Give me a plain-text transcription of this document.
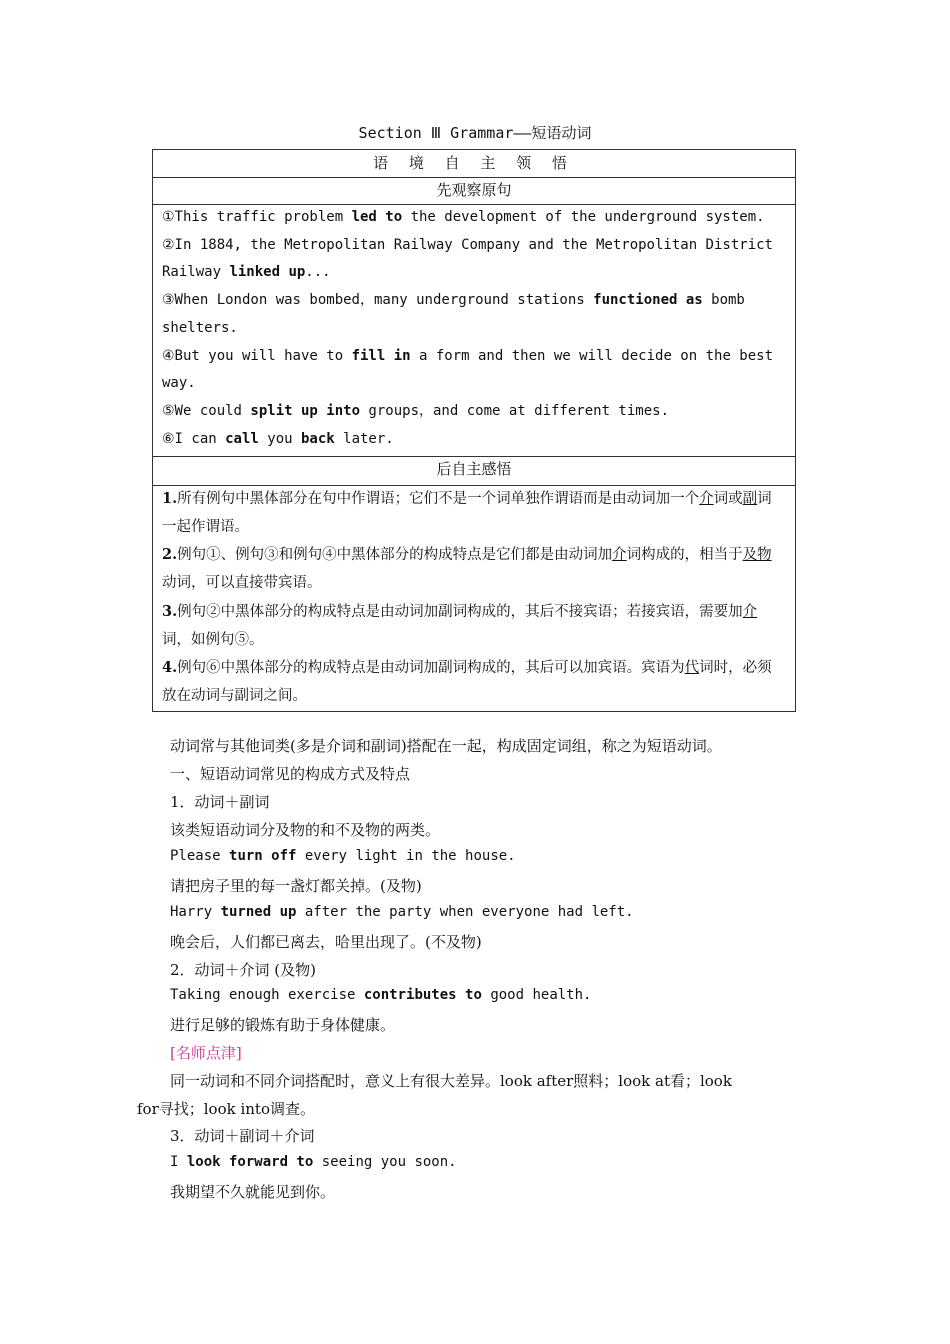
Section Ⅲ Grammar——短语动词
语 境 自 主 领 悟
先观察原句
①This traffic problem led to the development of the underground system.
②In 1884, the Metropolitan Railway Company and the Metropolitan District Railway linked up...
③When London was bombed，many underground stations functioned as bomb shelters.
④But you will have to fill in a form and then we will decide on the best way.
⑤We could split up into groups，and come at different times.
⑥I can call you back later.
后自主感悟
1.所有例句中黑体部分在句中作谓语；它们不是一个词单独作谓语而是由动词加一个介词或副词一起作谓语。
2.例句①、例句③和例句④中黑体部分的构成特点是它们都是由动词加介词构成的，相当于及物动词，可以直接带宾语。
3.例句②中黑体部分的构成特点是由动词加副词构成的，其后不接宾语；若接宾语，需要加介词，如例句⑤。
4.例句⑥中黑体部分的构成特点是由动词加副词构成的，其后可以加宾语。宾语为代词时，必须放在动词与副词之间。
动词常与其他词类(多是介词和副词)搭配在一起，构成固定词组，称之为短语动词。
一、短语动词常见的构成方式及特点
1．动词＋副词
该类短语动词分及物的和不及物的两类。
Please turn off every light in the house.
请把房子里的每一盏灯都关掉。(及物)
Harry turned up after the party when everyone had left.
晚会后，人们都已离去，哈里出现了。(不及物)
2．动词＋介词 (及物)
Taking enough exercise contributes to good health.
进行足够的锻炼有助于身体健康。
[名师点津]
同一动词和不同介词搭配时，意义上有很大差异。look after照料；look at看；look
for寻找；look into调查。
3．动词＋副词＋介词
I look forward to seeing you soon.
我期望不久就能见到你。
